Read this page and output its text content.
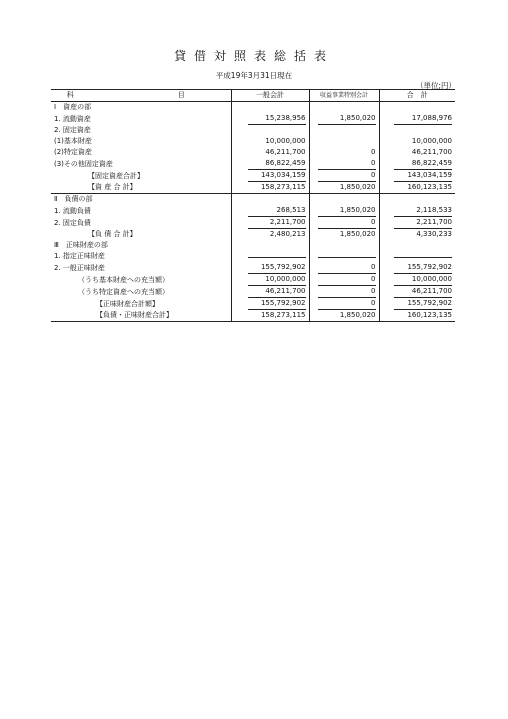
貸借対照表総括表
平成19年3月31日現在
（単位;円）
科　　目	一般会計	収益事業特別会計	合　計
Ⅰ　資産の部			
1. 流動資産	15,238,956	1,850,020	17,088,976
2. 固定資産			
(1)基本財産	10,000,000		10,000,000
(2)特定資産	46,211,700	0	46,211,700
(3)その他固定資産	86,822,459	0	86,822,459
【固定資産合計】	143,034,159	0	143,034,159
【資 産 合 計】	158,273,115	1,850,020	160,123,135
Ⅱ　負債の部			
1. 流動負債	268,513	1,850,020	2,118,533
2. 固定負債	2,211,700	0	2,211,700
【負 債 合 計】	2,480,213	1,850,020	4,330,233
Ⅲ　正味財産の部			
1. 指定正味財産			
2. 一般正味財産	155,792,902	0	155,792,902
（うち基本財産への充当額）	10,000,000	0	10,000,000
（うち特定資産への充当額）	46,211,700	0	46,211,700
【正味財産合計額】	155,792,902	0	155,792,902
【負債・正味財産合計】	158,273,115	1,850,020	160,123,135
